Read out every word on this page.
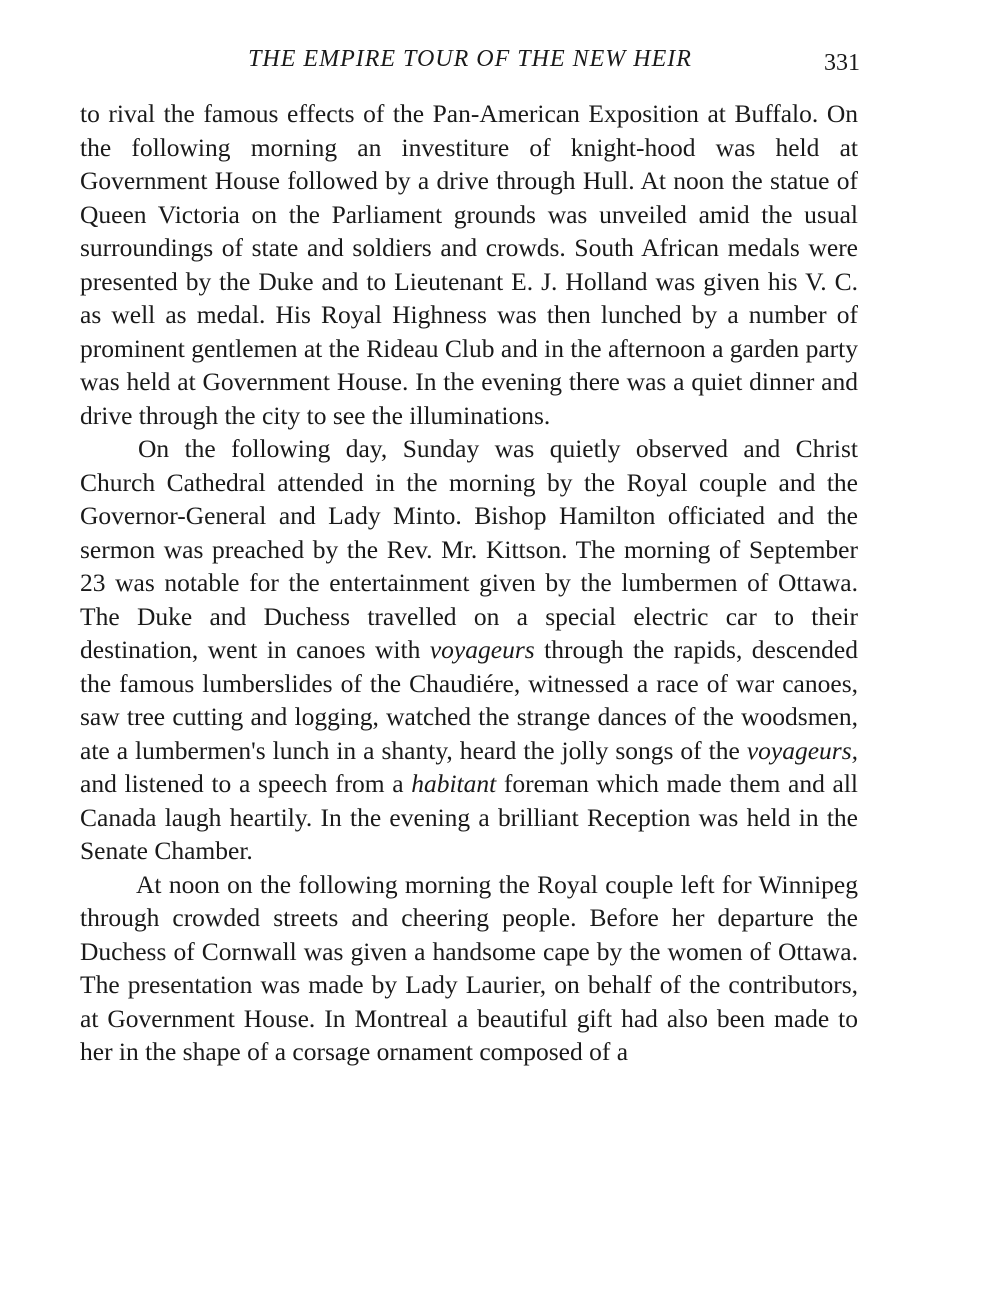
THE EMPIRE TOUR OF THE NEW HEIR	331

to rival the famous effects of the Pan-American Exposition at Buffalo. On the following morning an investiture of knight-hood was held at Government House followed by a drive through Hull. At noon the statue of Queen Victoria on the Parliament grounds was unveiled amid the usual surroundings of state and soldiers and crowds. South African medals were presented by the Duke and to Lieutenant E. J. Holland was given his V. C. as well as medal. His Royal Highness was then lunched by a number of prominent gentlemen at the Rideau Club and in the afternoon a garden party was held at Government House. In the evening there was a quiet dinner and drive through the city to see the illuminations.

On the following day, Sunday was quietly observed and Christ Church Cathedral attended in the morning by the Royal couple and the Governor-General and Lady Minto. Bishop Hamilton officiated and the sermon was preached by the Rev. Mr. Kittson. The morning of September 23 was notable for the entertainment given by the lumbermen of Ottawa. The Duke and Duchess travelled on a special electric car to their destination, went in canoes with voyageurs through the rapids, descended the famous lumberslides of the Chaudiére, witnessed a race of war canoes, saw tree cutting and logging, watched the strange dances of the woodsmen, ate a lumbermen's lunch in a shanty, heard the jolly songs of the voyageurs, and listened to a speech from a habitant foreman which made them and all Canada laugh heartily. In the evening a brilliant Reception was held in the Senate Chamber.

At noon on the following morning the Royal couple left for Winnipeg through crowded streets and cheering people. Before her departure the Duchess of Cornwall was given a handsome cape by the women of Ottawa. The presentation was made by Lady Laurier, on behalf of the contributors, at Government House. In Montreal a beautiful gift had also been made to her in the shape of a corsage ornament composed of a
